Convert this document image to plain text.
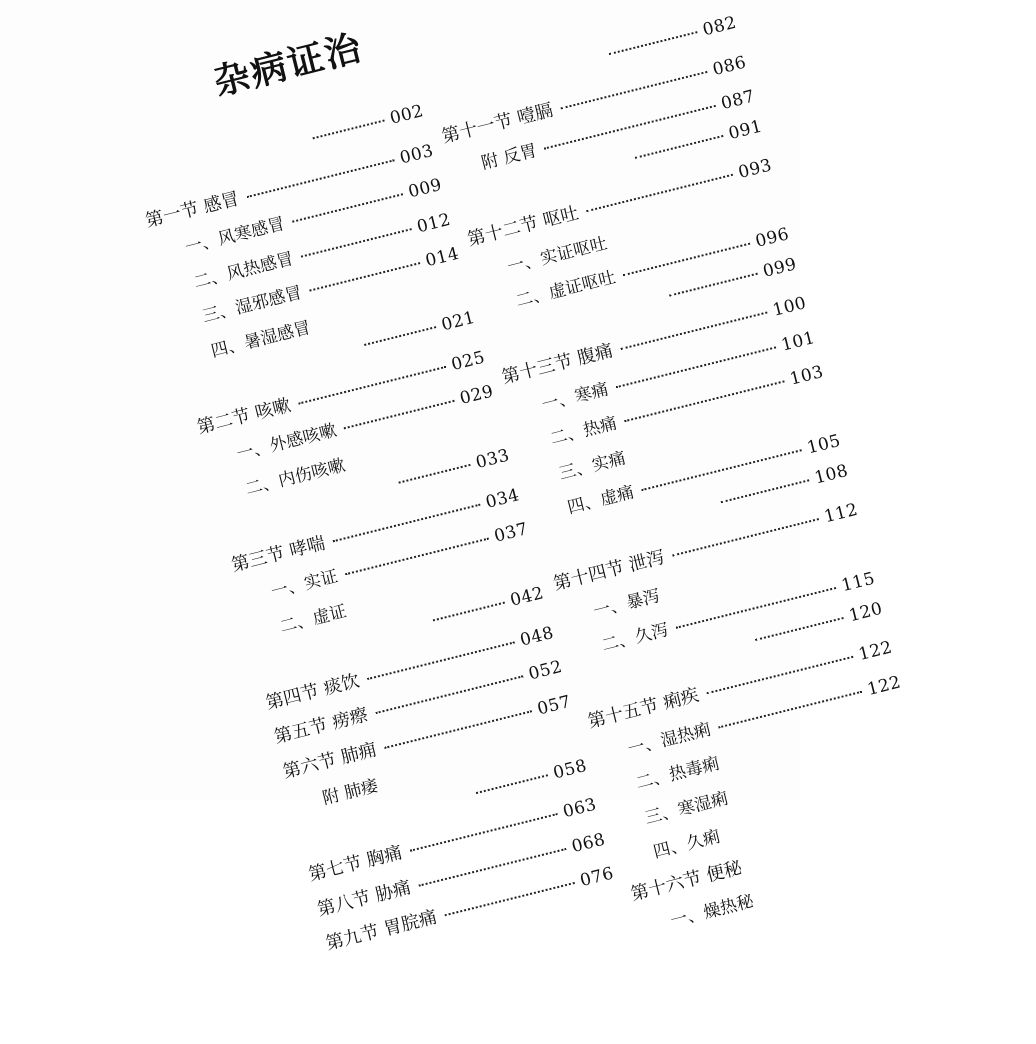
杂病证治
002
第一节 感冒
003
一、风寒感冒
009
二、风热感冒
012
三、湿邪感冒
014
四、暑湿感冒	021
第二节 咳嗽
025
一、外感咳嗽
029
二、内伤咳嗽	033
第三节 哮喘
034
一、实证
037
二、虚证
042
第四节 痰饮
048
第五节 痨瘵
052
第六节 肺痈
057
附 肺痿
058
第七节 胸痛
063
第八节 胁痛
068
第九节 胃脘痛
076
082
第十一节 噎膈
086
附 反胃
087
091
第十二节 呕吐
093
一、实证呕吐
二、虚证呕吐
096
099
第十三节 腹痛
100
一、寒痛
101
二、热痛
103
三、实痛
四、虚痛
105
108
第十四节 泄泻
112
一、暴泻
二、久泻
115
120
第十五节 痢疾
122
一、湿热痢
122
二、热毒痢
三、寒湿痢
四、久痢
第十六节 便秘
一、燥热秘
